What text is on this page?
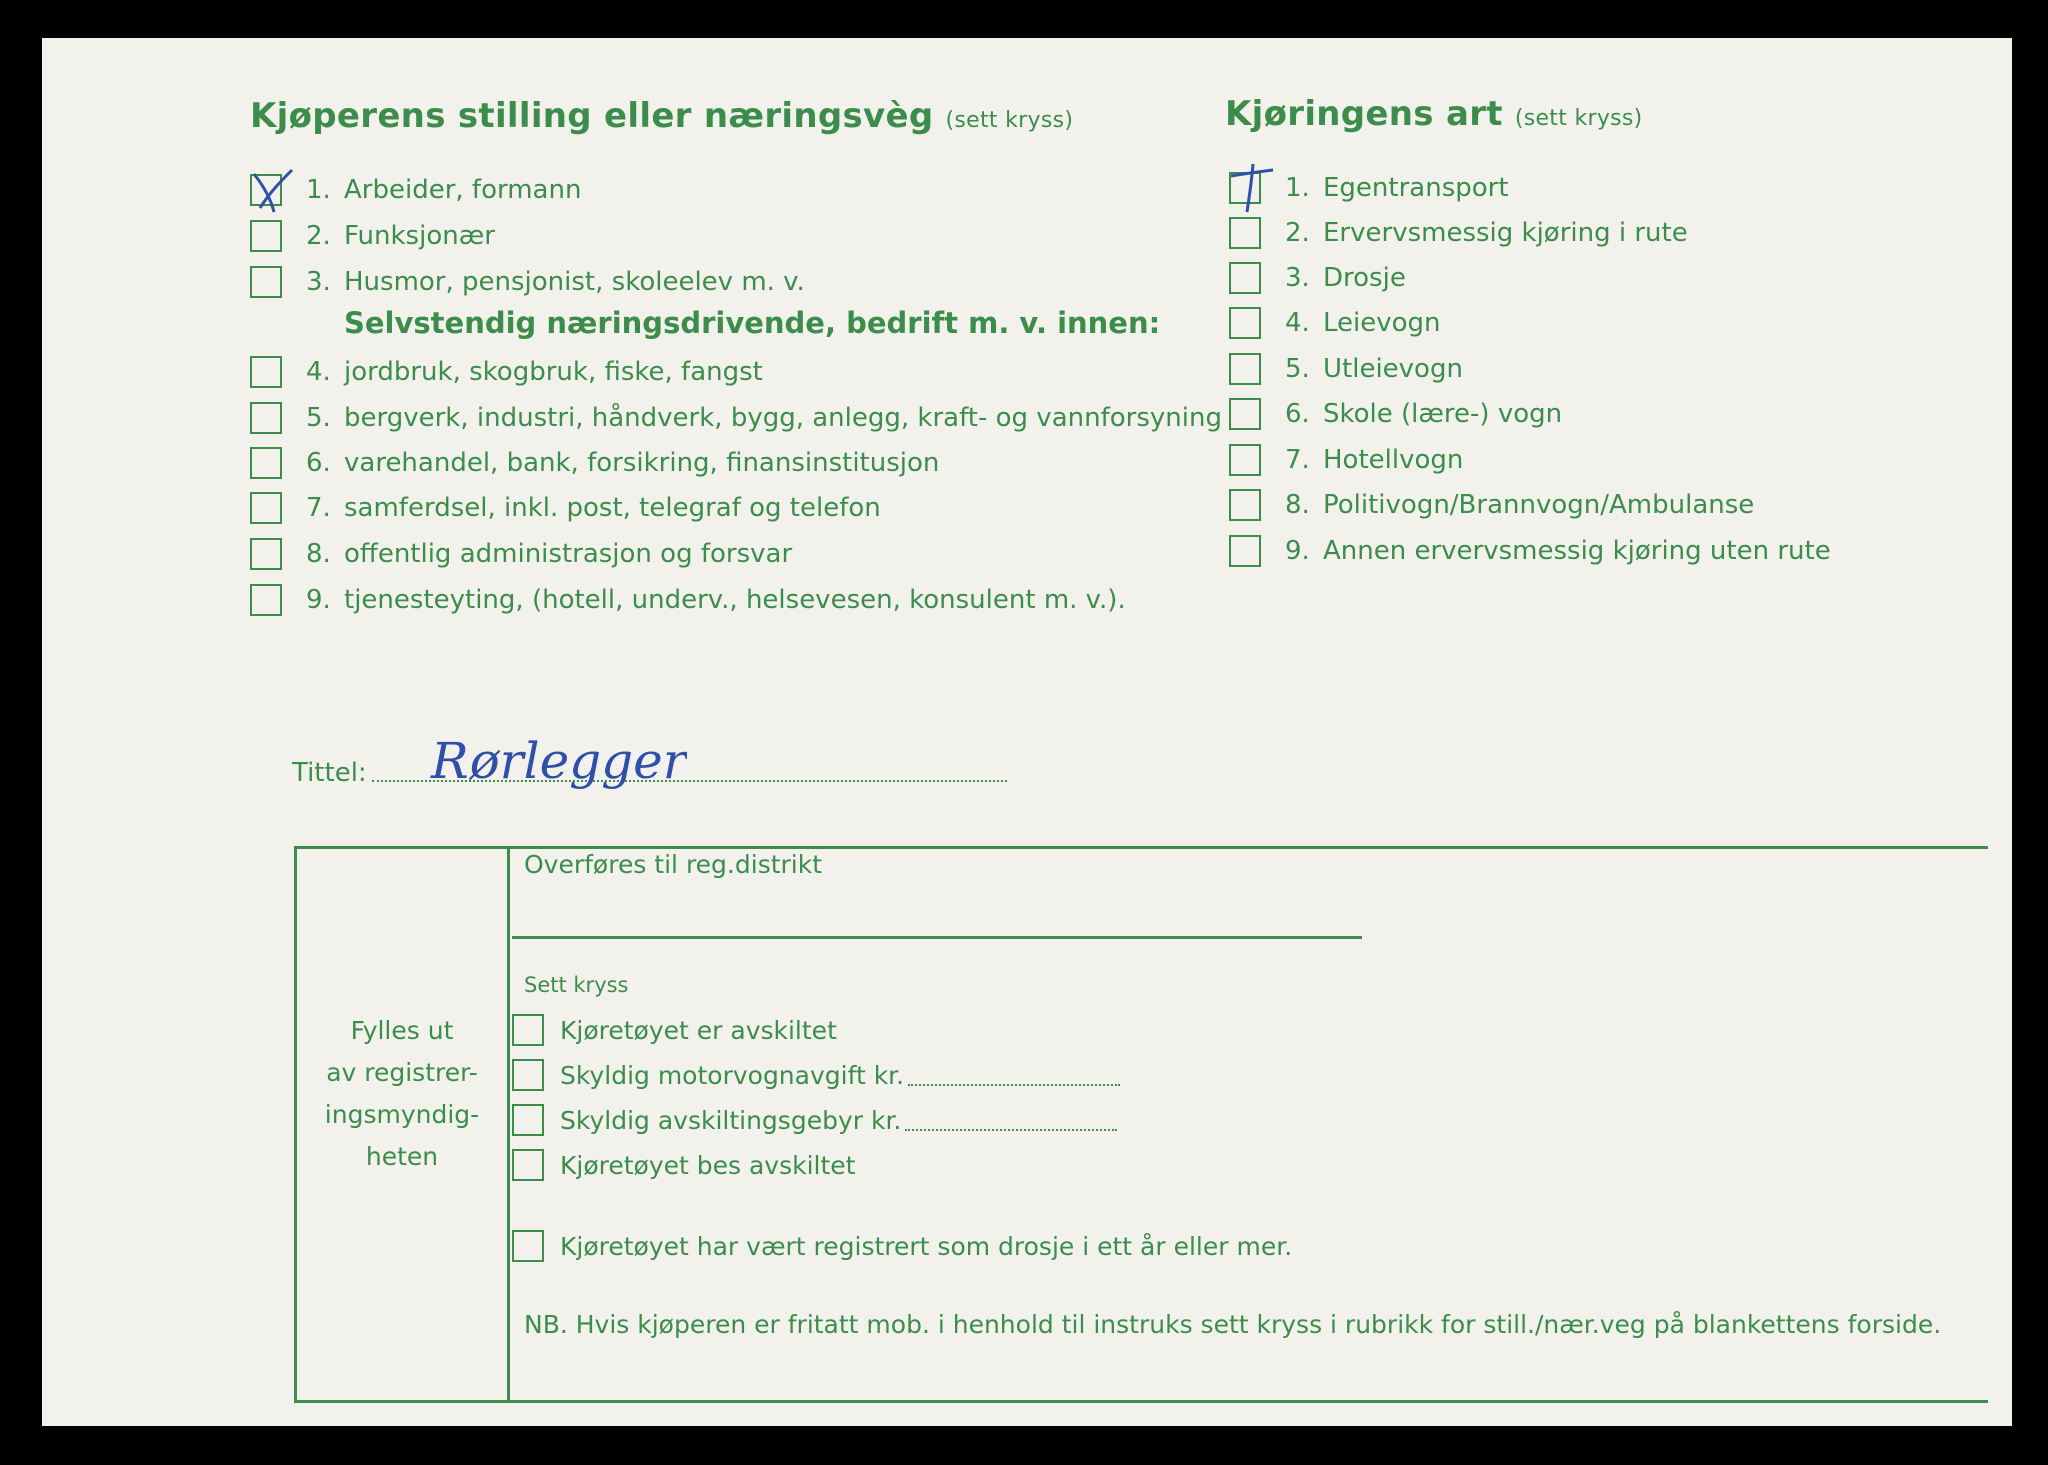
Kjøperens stilling eller næringsvèg (sett kryss)
1. Arbeider, formann
2. Funksjonær
3. Husmor, pensjonist, skoleelev m. v.
Selvstendig næringsdrivende, bedrift m. v. innen:
4. jordbruk, skogbruk, fiske, fangst
5. bergverk, industri, håndverk, bygg, anlegg, kraft- og vannforsyning
6. varehandel, bank, forsikring, finansinstitusjon
7. samferdsel, inkl. post, telegraf og telefon
8. offentlig administrasjon og forsvar
9. tjenesteyting, (hotell, underv., helsevesen, konsulent m. v.).
Kjøringens art (sett kryss)
1. Egentransport
2. Ervervsmessig kjøring i rute
3. Drosje
4. Leievogn
5. Utleievogn
6. Skole (lære-) vogn
7. Hotellvogn
8. Politivogn/Brannvogn/Ambulanse
9. Annen ervervsmessig kjøring uten rute
Tittel: Rørlegger
Fylles ut
av registrer-
ingsmyndig-
heten
Overføres til reg.distrikt
Sett kryss
Kjøretøyet er avskiltet
Skyldig motorvognavgift kr.
Skyldig avskiltingsgebyr kr.
Kjøretøyet bes avskiltet
Kjøretøyet har vært registrert som drosje i ett år eller mer.
NB. Hvis kjøperen er fritatt mob. i henhold til instruks sett kryss i rubrikk for still./nær.veg på blankettens forside.
